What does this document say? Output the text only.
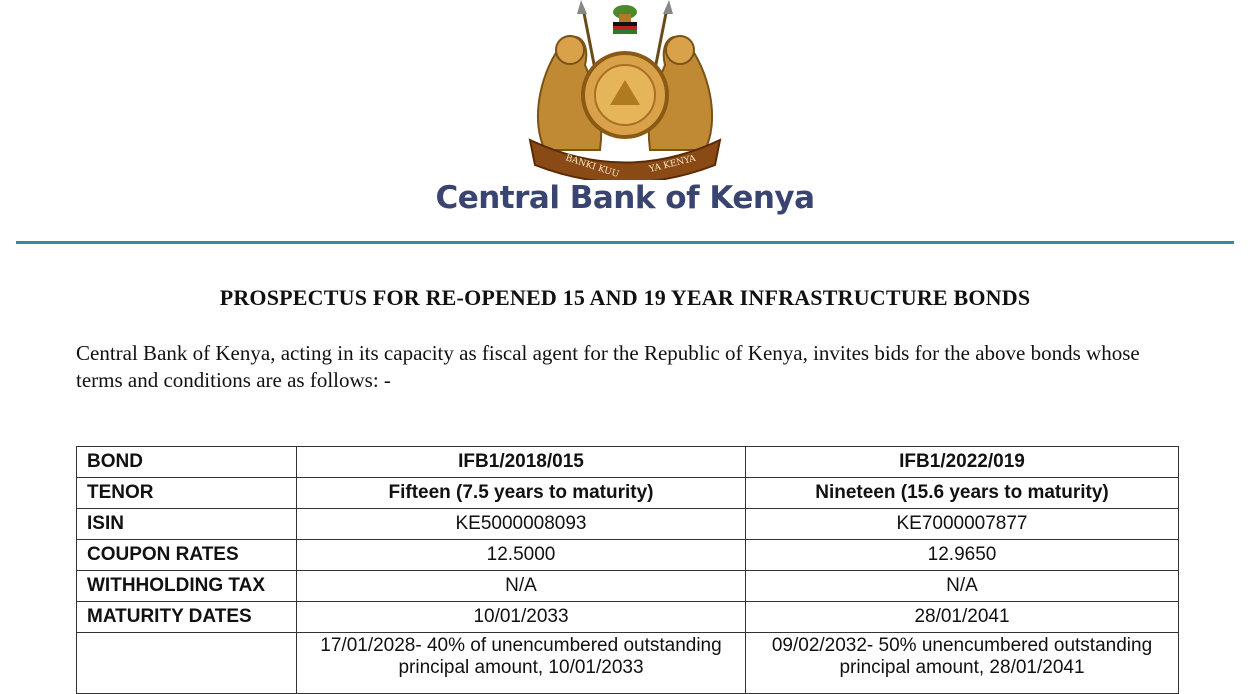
BANKI KUU	YA KENYA
Central Bank of Kenya
PROSPECTUS FOR RE-OPENED 15 AND 19 YEAR INFRASTRUCTURE BONDS
Central Bank of Kenya, acting in its capacity as fiscal agent for the Republic of Kenya, invites bids for the above bonds whose terms and conditions are as follows: -
BOND	IFB1/2018/015	IFB1/2022/019
TENOR	Fifteen (7.5 years to maturity)	Nineteen (15.6 years to maturity)
ISIN	KE5000008093	KE7000007877
COUPON RATES	12.5000	12.9650
WITHHOLDING TAX	N/A	N/A
MATURITY DATES	10/01/2033	28/01/2041
	17/01/2028- 40% of unencumbered outstanding principal amount, 10/01/2033	09/02/2032- 50% unencumbered outstanding principal amount, 28/01/2041
